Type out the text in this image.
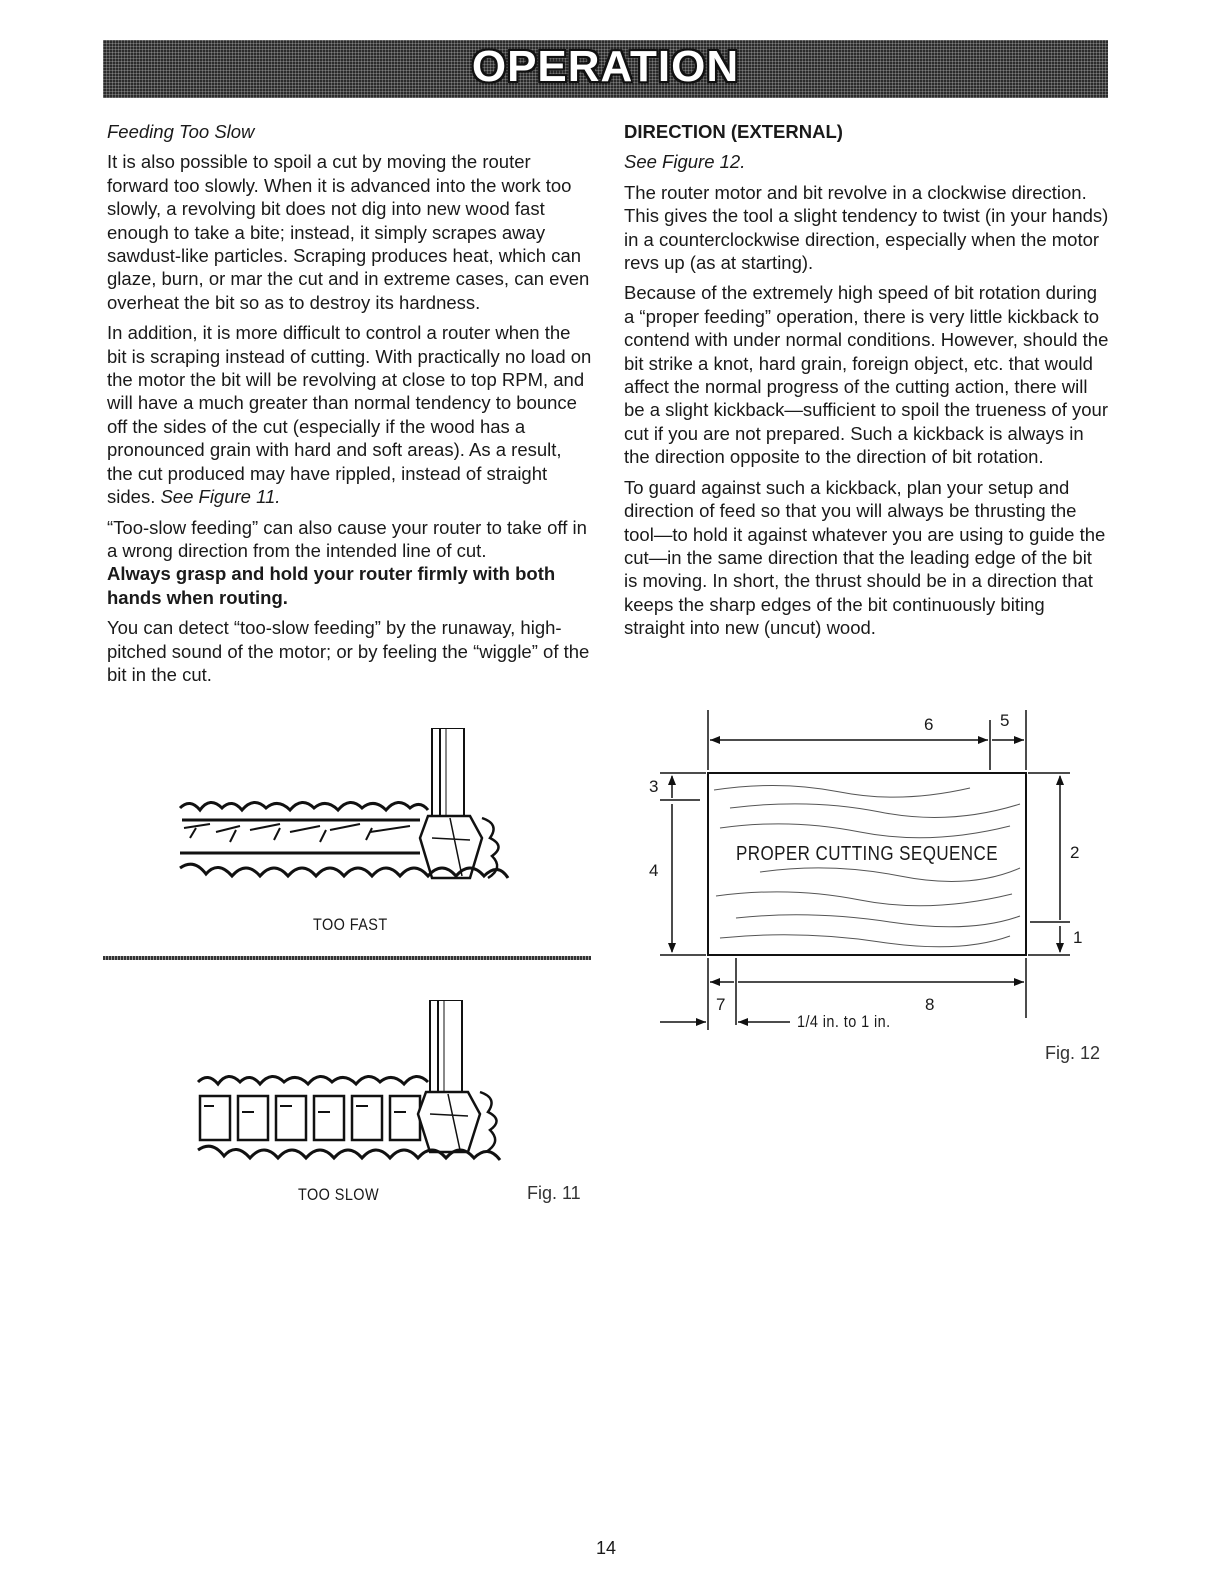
OPERATION

Feeding Too Slow

It is also possible to spoil a cut by moving the router forward too slowly. When it is advanced into the work too slowly, a revolving bit does not dig into new wood fast enough to take a bite; instead, it simply scrapes away sawdust-like particles. Scraping produces heat, which can glaze, burn, or mar the cut and in extreme cases, can even overheat the bit so as to destroy its hardness.

In addition, it is more difficult to control a router when the bit is scraping instead of cutting. With practically no load on the motor the bit will be revolving at close to top RPM, and will have a much greater than normal tendency to bounce off the sides of the cut (especially if the wood has a pronounced grain with hard and soft areas). As a result, the cut produced may have rippled, instead of straight sides. See Figure 11.

“Too-slow feeding” can also cause your router to take off in a wrong direction from the intended line of cut.

Always grasp and hold your router firmly with both hands when routing.

You can detect “too-slow feeding” by the runaway, high-pitched sound of the motor; or by feeling the “wiggle” of the bit in the cut.

DIRECTION (EXTERNAL)

See Figure 12.

The router motor and bit revolve in a clockwise direction. This gives the tool a slight tendency to twist (in your hands) in a counterclockwise direction, especially when the motor revs up (as at starting).

Because of the extremely high speed of bit rotation during a “proper feeding” operation, there is very little kickback to contend with under normal conditions. However, should the bit strike a knot, hard grain, foreign object, etc. that would affect the normal progress of the cutting action, there will be a slight kickback—sufficient to spoil the trueness of your cut if you are not prepared. Such a kickback is always in the direction opposite to the direction of bit rotation.

To guard against such a kickback, plan your setup and direction of feed so that you will always be thrusting the tool—to hold it against whatever you are using to guide the cut—in the same direction that the leading edge of the bit is moving. In short, the thrust should be in a direction that keeps the sharp edges of the bit continuously biting straight into new (uncut) wood.

TOO FAST
TOO SLOW	Fig. 11
PROPER CUTTING SEQUENCE
6	5
3
4
2
1
7	8
1/4 in. to 1 in.
Fig. 12
14
